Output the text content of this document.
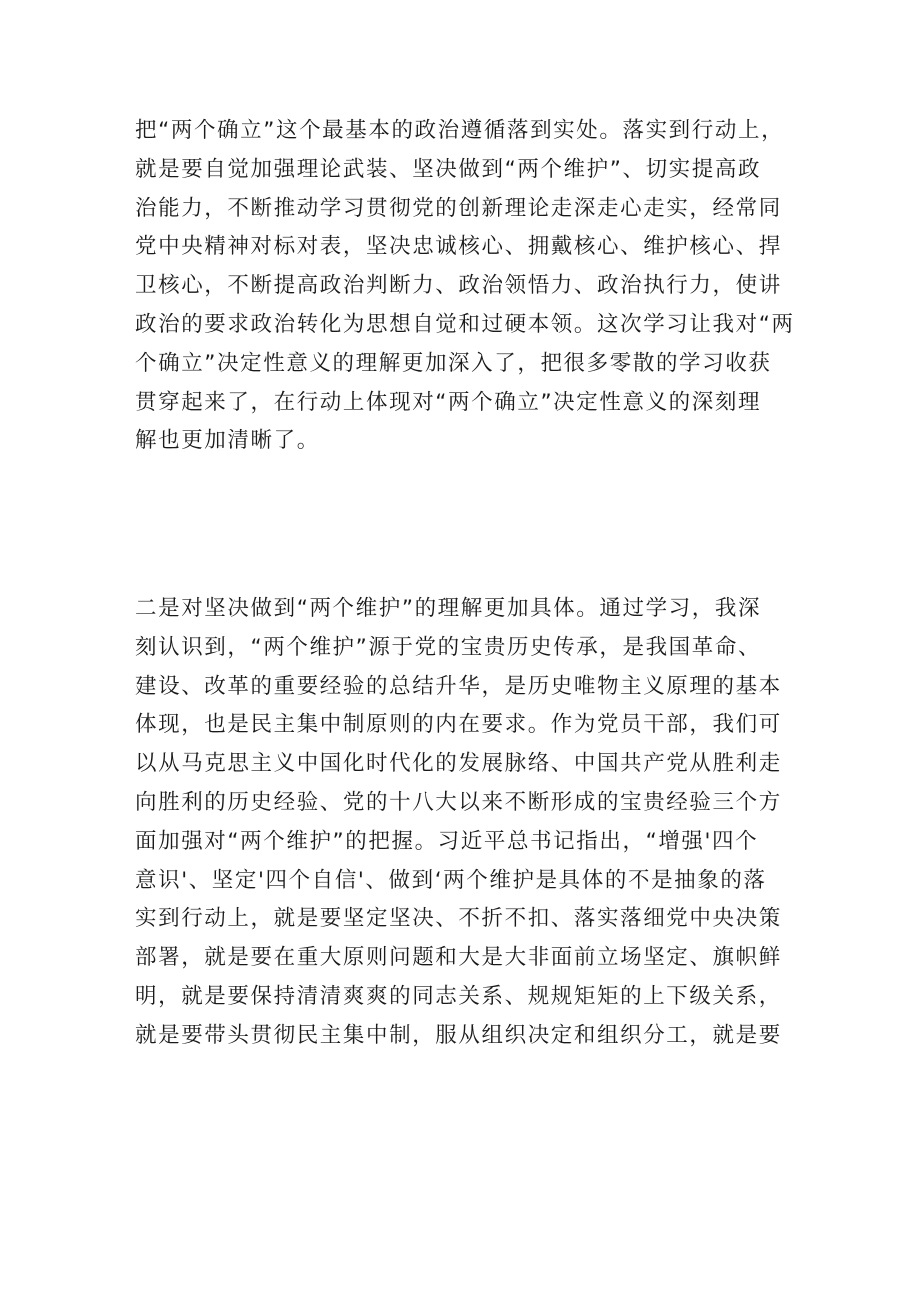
把“两个确立”这个最基本的政治遵循落到实处。落实到行动上，
就是要自觉加强理论武装、坚决做到“两个维护”、切实提高政
治能力，不断推动学习贯彻党的创新理论走深走心走实，经常同
党中央精神对标对表，坚决忠诚核心、拥戴核心、维护核心、捍
卫核心，不断提高政治判断力、政治领悟力、政治执行力，使讲
政治的要求政治转化为思想自觉和过硬本领。这次学习让我对“两
个确立”决定性意义的理解更加深入了，把很多零散的学习收获
贯穿起来了，在行动上体现对“两个确立”决定性意义的深刻理
解也更加清晰了。
二是对坚决做到“两个维护”的理解更加具体。通过学习，我深
刻认识到，“两个维护”源于党的宝贵历史传承，是我国革命、
建设、改革的重要经验的总结升华，是历史唯物主义原理的基本
体现，也是民主集中制原则的内在要求。作为党员干部，我们可
以从马克思主义中国化时代化的发展脉络、中国共产党从胜利走
向胜利的历史经验、党的十八大以来不断形成的宝贵经验三个方
面加强对“两个维护”的把握。习近平总书记指出，“增强'四个
意识'、坚定'四个自信'、做到‘两个维护是具体的不是抽象的落
实到行动上，就是要坚定坚决、不折不扣、落实落细党中央决策
部署，就是要在重大原则问题和大是大非面前立场坚定、旗帜鲜
明，就是要保持清清爽爽的同志关系、规规矩矩的上下级关系，
就是要带头贯彻民主集中制，服从组织决定和组织分工，就是要
